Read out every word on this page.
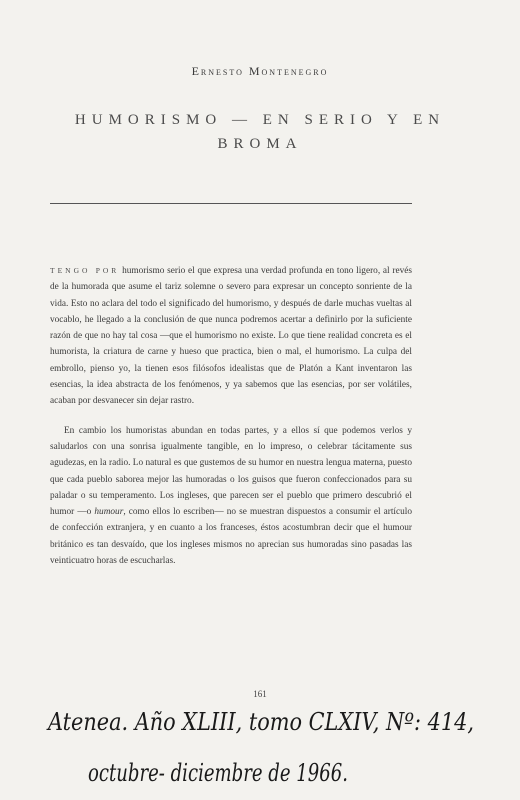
Ernesto Montenegro
HUMORISMO — EN SERIO Y EN BROMA

TENGO POR humorismo serio el que expresa una verdad profunda en tono ligero, al revés de la humorada que asume el tariz solemne o severo para expresar un concepto sonriente de la vida. Esto no aclara del todo el significado del humorismo, y después de darle muchas vueltas al vocablo, he llegado a la conclusión de que nunca podremos acertar a definirlo por la suficiente razón de que no hay tal cosa —que el humorismo no existe. Lo que tiene realidad concreta es el humorista, la criatura de carne y hueso que practica, bien o mal, el humorismo. La culpa del embrollo, pienso yo, la tienen esos filósofos idealistas que de Platón a Kant inventaron las esencias, la idea abstracta de los fenómenos, y ya sabemos que las esencias, por ser volátiles, acaban por desvanecer sin dejar rastro.

En cambio los humoristas abundan en todas partes, y a ellos sí que podemos verlos y saludarlos con una sonrisa igualmente tangible, en lo impreso, o celebrar tácitamente sus agudezas, en la radio. Lo natural es que gustemos de su humor en nuestra lengua materna, puesto que cada pueblo saborea mejor las humoradas o los guisos que fueron confeccionados para su paladar o su temperamento. Los ingleses, que parecen ser el pueblo que primero descubrió el humor —o humour, como ellos lo escriben— no se muestran dispuestos a consumir el artículo de confección extranjera, y en cuanto a los franceses, éstos acostumbran decir que el humour británico es tan desvaído, que los ingleses mismos no aprecian sus humoradas sino pasadas las veinticuatro horas de escucharlas.

161
Atenea. Año XLIII, tomo CLXIV, Nº: 414,
octubre- diciembre de 1966.
